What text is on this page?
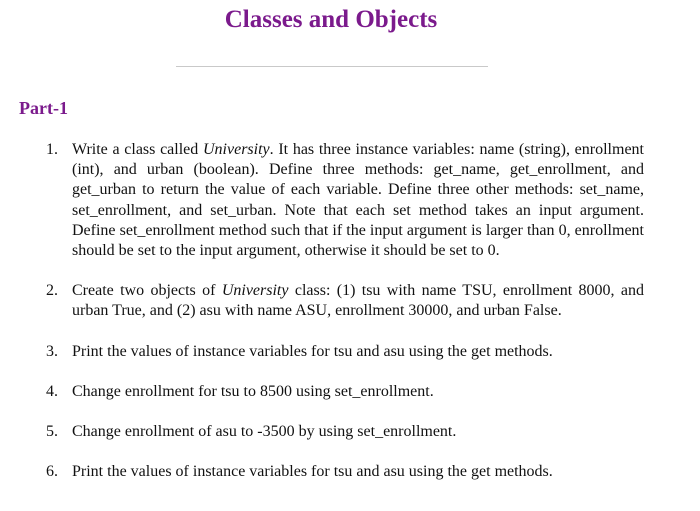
Classes and Objects
Part-1
1. Write a class called University. It has three instance variables: name (string), enrollment (int), and urban (boolean). Define three methods: get_name, get_enrollment, and get_urban to return the value of each variable. Define three other methods: set_name, set_enrollment, and set_urban. Note that each set method takes an input argument. Define set_enrollment method such that if the input argument is larger than 0, enrollment should be set to the input argument, otherwise it should be set to 0.
2. Create two objects of University class: (1) tsu with name TSU, enrollment 8000, and urban True, and (2) asu with name ASU, enrollment 30000, and urban False.
3. Print the values of instance variables for tsu and asu using the get methods.
4. Change enrollment for tsu to 8500 using set_enrollment.
5. Change enrollment of asu to -3500 by using set_enrollment.
6. Print the values of instance variables for tsu and asu using the get methods.
